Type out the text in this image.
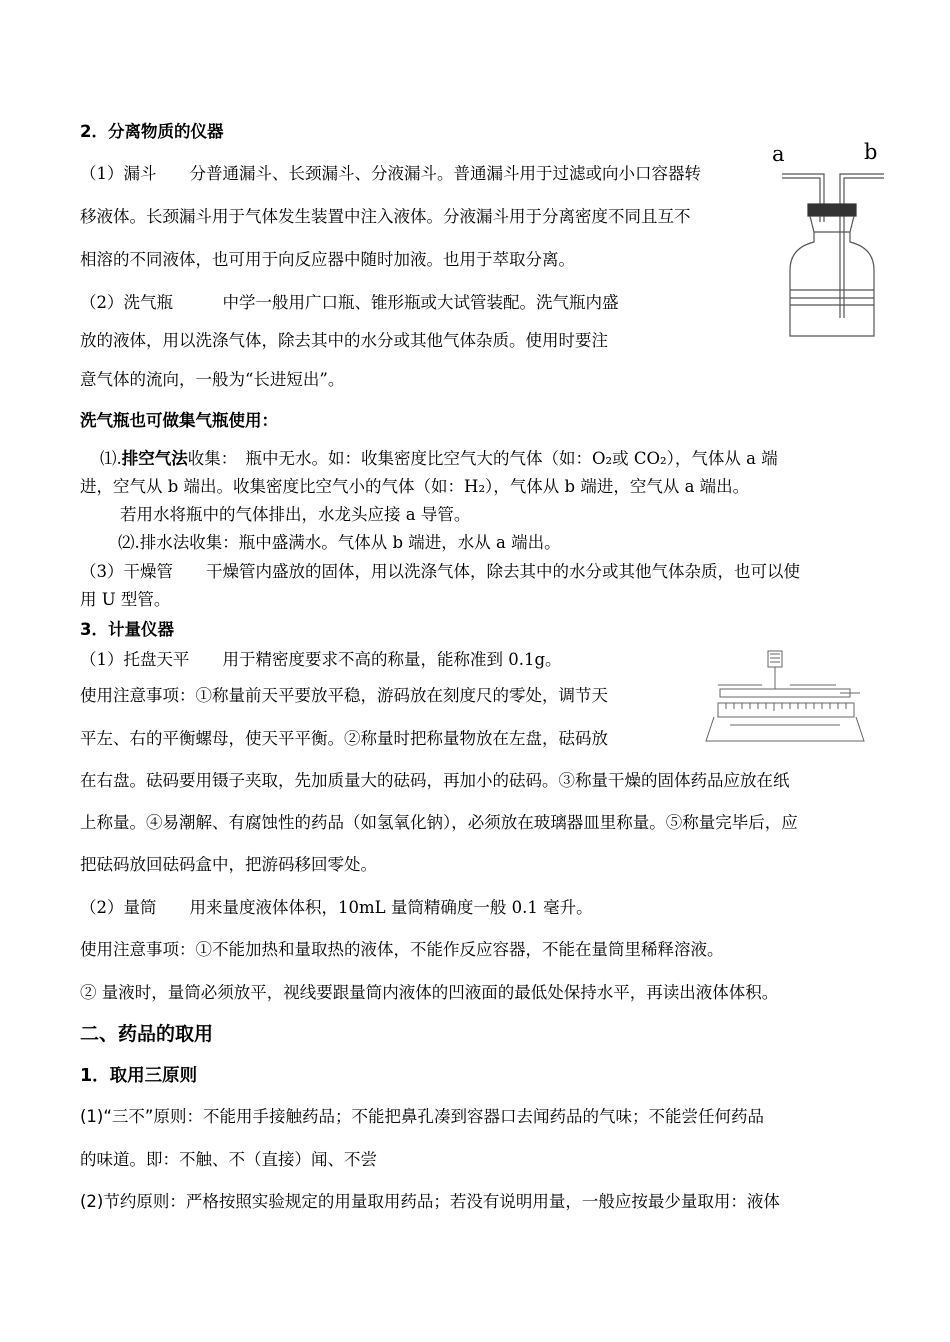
2．分离物质的仪器
（1）漏斗　　分普通漏斗、长颈漏斗、分液漏斗。普通漏斗用于过滤或向小口容器转
移液体。长颈漏斗用于气体发生装置中注入液体。分液漏斗用于分离密度不同且互不
相溶的不同液体，也可用于向反应器中随时加液。也用于萃取分离。
（2）洗气瓶　　　中学一般用广口瓶、锥形瓶或大试管装配。洗气瓶内盛
放的液体，用以洗涤气体，除去其中的水分或其他气体杂质。使用时要注
意气体的流向，一般为“长进短出”。
a	b
洗气瓶也可做集气瓶使用：
⑴.排空气法收集：　瓶中无水。如：收集密度比空气大的气体（如：O₂或 CO₂），气体从 a 端
进，空气从 b 端出。收集密度比空气小的气体（如：H₂），气体从 b 端进，空气从 a 端出。
若用水将瓶中的气体排出，水龙头应接 a 导管。
⑵.排水法收集：瓶中盛满水。气体从 b 端进，水从 a 端出。
（3）干燥管　　干燥管内盛放的固体，用以洗涤气体，除去其中的水分或其他气体杂质，也可以使
用 U 型管。
3．计量仪器
（1）托盘天平　　用于精密度要求不高的称量，能称准到 0.1g。
使用注意事项：①称量前天平要放平稳，游码放在刻度尺的零处，调节天
平左、右的平衡螺母，使天平平衡。②称量时把称量物放在左盘，砝码放
在右盘。砝码要用镊子夹取，先加质量大的砝码，再加小的砝码。③称量干燥的固体药品应放在纸
上称量。④易潮解、有腐蚀性的药品（如氢氧化钠），必须放在玻璃器皿里称量。⑤称量完毕后，应
把砝码放回砝码盒中，把游码移回零处。
（2）量筒　　用来量度液体体积，10mL 量筒精确度一般 0.1 毫升。
使用注意事项：①不能加热和量取热的液体，不能作反应容器，不能在量筒里稀释溶液。
② 量液时，量筒必须放平，视线要跟量筒内液体的凹液面的最低处保持水平，再读出液体体积。
二、药品的取用
1．取用三原则
(1)“三不”原则：不能用手接触药品；不能把鼻孔凑到容器口去闻药品的气味；不能尝任何药品
的味道。即：不触、不（直接）闻、不尝
(2)节约原则：严格按照实验规定的用量取用药品；若没有说明用量，一般应按最少量取用：液体
